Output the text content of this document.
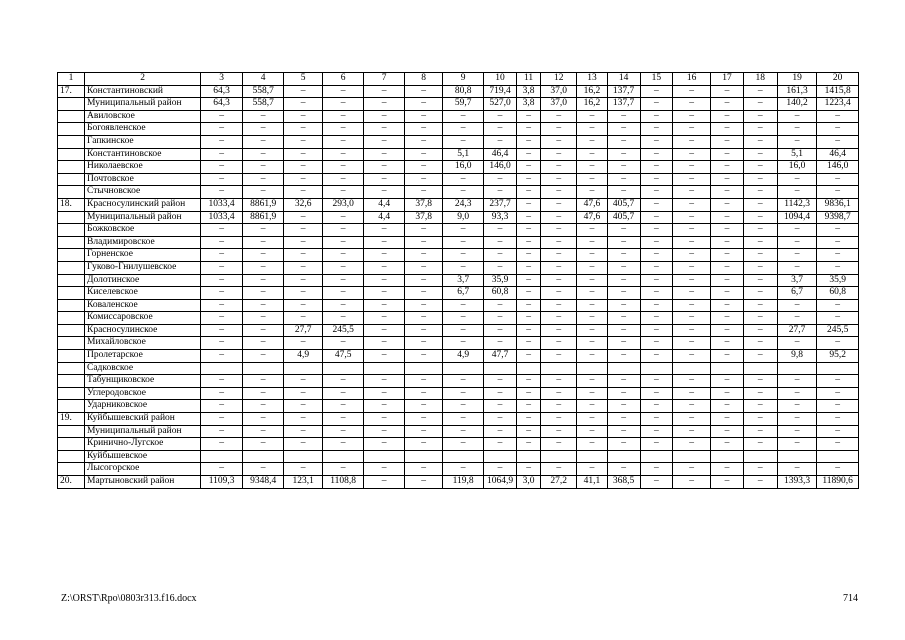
1	2	3	4	5	6	7	8	9	10	11	12	13	14	15	16	17	18	19	20
17.	Константиновский	64,3	558,7	–	–	–	–	80,8	719,4	3,8	37,0	16,2	137,7	–	–	–	–	161,3	1415,8
	Муниципальный район	64,3	558,7	–	–	–	–	59,7	527,0	3,8	37,0	16,2	137,7	–	–	–	–	140,2	1223,4
	Авиловское	–	–	–	–	–	–	–	–	–	–	–	–	–	–	–	–	–	–
	Богоявленское	–	–	–	–	–	–	–	–	–	–	–	–	–	–	–	–	–	–
	Гапкинское	–	–	–	–	–	–	–	–	–	–	–	–	–	–	–	–	–	–
	Константиновское	–	–	–	–	–	–	5,1	46,4	–	–	–	–	–	–	–	–	5,1	46,4
	Николаевское	–	–	–	–	–	–	16,0	146,0	–	–	–	–	–	–	–	–	16,0	146,0
	Почтовское	–	–	–	–	–	–	–	–	–	–	–	–	–	–	–	–	–	–
	Стычновское	–	–	–	–	–	–	–	–	–	–	–	–	–	–	–	–	–	–
18.	Красносулинский район	1033,4	8861,9	32,6	293,0	4,4	37,8	24,3	237,7	–	–	47,6	405,7	–	–	–	–	1142,3	9836,1
	Муниципальный район	1033,4	8861,9	–	–	4,4	37,8	9,0	93,3	–	–	47,6	405,7	–	–	–	–	1094,4	9398,7
	Божковское	–	–	–	–	–	–	–	–	–	–	–	–	–	–	–	–	–	–
	Владимировское	–	–	–	–	–	–	–	–	–	–	–	–	–	–	–	–	–	–
	Горненское	–	–	–	–	–	–	–	–	–	–	–	–	–	–	–	–	–	–
	Гуково-Гнилушевское	–	–	–	–	–	–	–	–	–	–	–	–	–	–	–	–	–	–
	Долотинское	–	–	–	–	–	–	3,7	35,9	–	–	–	–	–	–	–	–	3,7	35,9
	Киселевское	–	–	–	–	–	–	6,7	60,8	–	–	–	–	–	–	–	–	6,7	60,8
	Коваленское	–	–	–	–	–	–	–	–	–	–	–	–	–	–	–	–	–	–
	Комиссаровское	–	–	–	–	–	–	–	–	–	–	–	–	–	–	–	–	–	–
	Красносулинское	–	–	27,7	245,5	–	–	–	–	–	–	–	–	–	–	–	–	27,7	245,5
	Михайловское	–	–	–	–	–	–	–	–	–	–	–	–	–	–	–	–	–	–
	Пролетарское	–	–	4,9	47,5	–	–	4,9	47,7	–	–	–	–	–	–	–	–	9,8	95,2
	Садковское																		
	Табунщиковское	–	–	–	–	–	–	–	–	–	–	–	–	–	–	–	–	–	–
	Углеродовское	–	–	–	–	–	–	–	–	–	–	–	–	–	–	–	–	–	–
	Ударниковское	–	–	–	–	–	–	–	–	–	–	–	–	–	–	–	–	–	–
19.	Куйбышевский район	–	–	–	–	–	–	–	–	–	–	–	–	–	–	–	–	–	–
	Муниципальный район	–	–	–	–	–	–	–	–	–	–	–	–	–	–	–	–	–	–
	Кринично-Лугское	–	–	–	–	–	–	–	–	–	–	–	–	–	–	–	–	–	–
	Куйбышевское																		
	Лысогорское	–	–	–	–	–	–	–	–	–	–	–	–	–	–	–	–	–	–
20.	Мартыновский район	1109,3	9348,4	123,1	1108,8	–	–	119,8	1064,9	3,0	27,2	41,1	368,5	–	–	–	–	1393,3	11890,6
Z:\ORST\Rpo\0803r313.f16.docx	714
